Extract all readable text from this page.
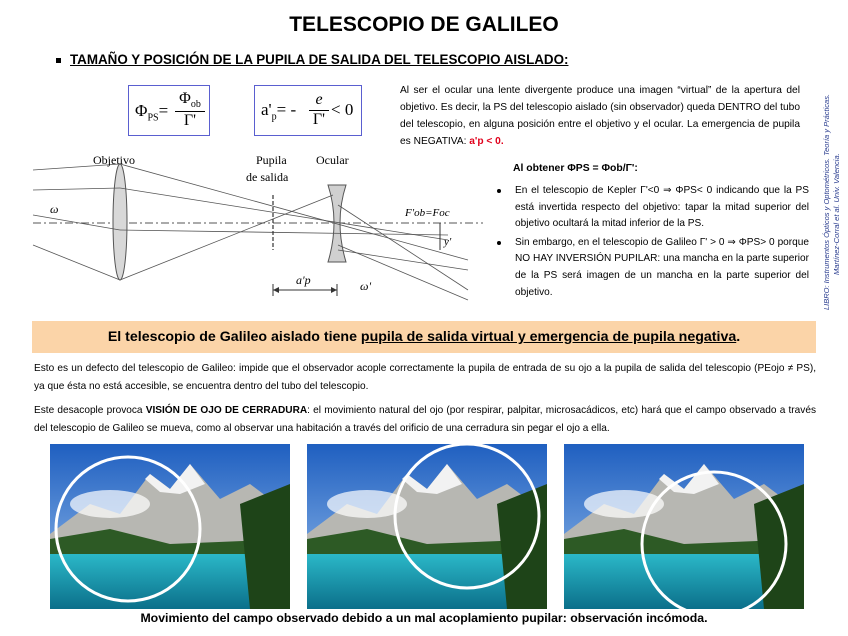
TELESCOPIO DE GALILEO
TAMAÑO Y POSICIÓN DE LA PUPILA DE SALIDA DEL TELESCOPIO AISLADO:
$\Phi_{PS}=$
$\Phi_{ob}$
Γ'
$a'_p= - \frac{e}{\Gamma'} < 0$
Objetivo	Pupila
de salida
Ocular
ω
ω'
F'ob=Foc
y'
a'p
Al ser el ocular una lente divergente produce una imagen “virtual” de la apertura del objetivo. Es decir, la PS del telescopio aislado (sin observador) queda DENTRO del tubo del telescopio, en alguna posición entre el objetivo y el ocular. La emergencia de pupila es NEGATIVA: a'p < 0.
Al obtener ΦPS = Φob/Γ':
En el telescopio de Kepler Γ'<0 ⇒ ΦPS< 0 indicando que la PS está invertida respecto del objetivo: tapar la mitad superior del objetivo ocultará la mitad inferior de la PS.
Sin embargo, en el telescopio de Galileo Γ' > 0 ⇒ ΦPS> 0 porque NO HAY INVERSIÓN PUPILAR: una mancha en la parte superior de la PS será imagen de un mancha en la parte superior del objetivo.	LIBRO: Instrumentos Ópticos y Optométricos. Teoría y Prácticas. Martínez-Corral et al. Univ. Valencia.
El telescopio de Galileo aislado tiene
pupila de salida virtual y emergencia de pupila negativa .
Esto es un defecto del telescopio de Galileo: impide que el observador acople correctamente la pupila de entrada de su ojo a la pupila de salida del telescopio (PEojo ≠ PS), ya que ésta no está accesible, se encuentra dentro del tubo del telescopio.
Este desacople provoca VISIÓN DE OJO DE CERRADURA: el movimiento natural del ojo (por respirar, palpitar, microsacádicos, etc) hará que el campo observado a través del telescopio de Galileo se mueva, como al observar una habitación a través del orificio de una cerradura sin pegar el ojo a ella.
Movimiento del campo observado debido a un mal acoplamiento pupilar: observación incómoda.
